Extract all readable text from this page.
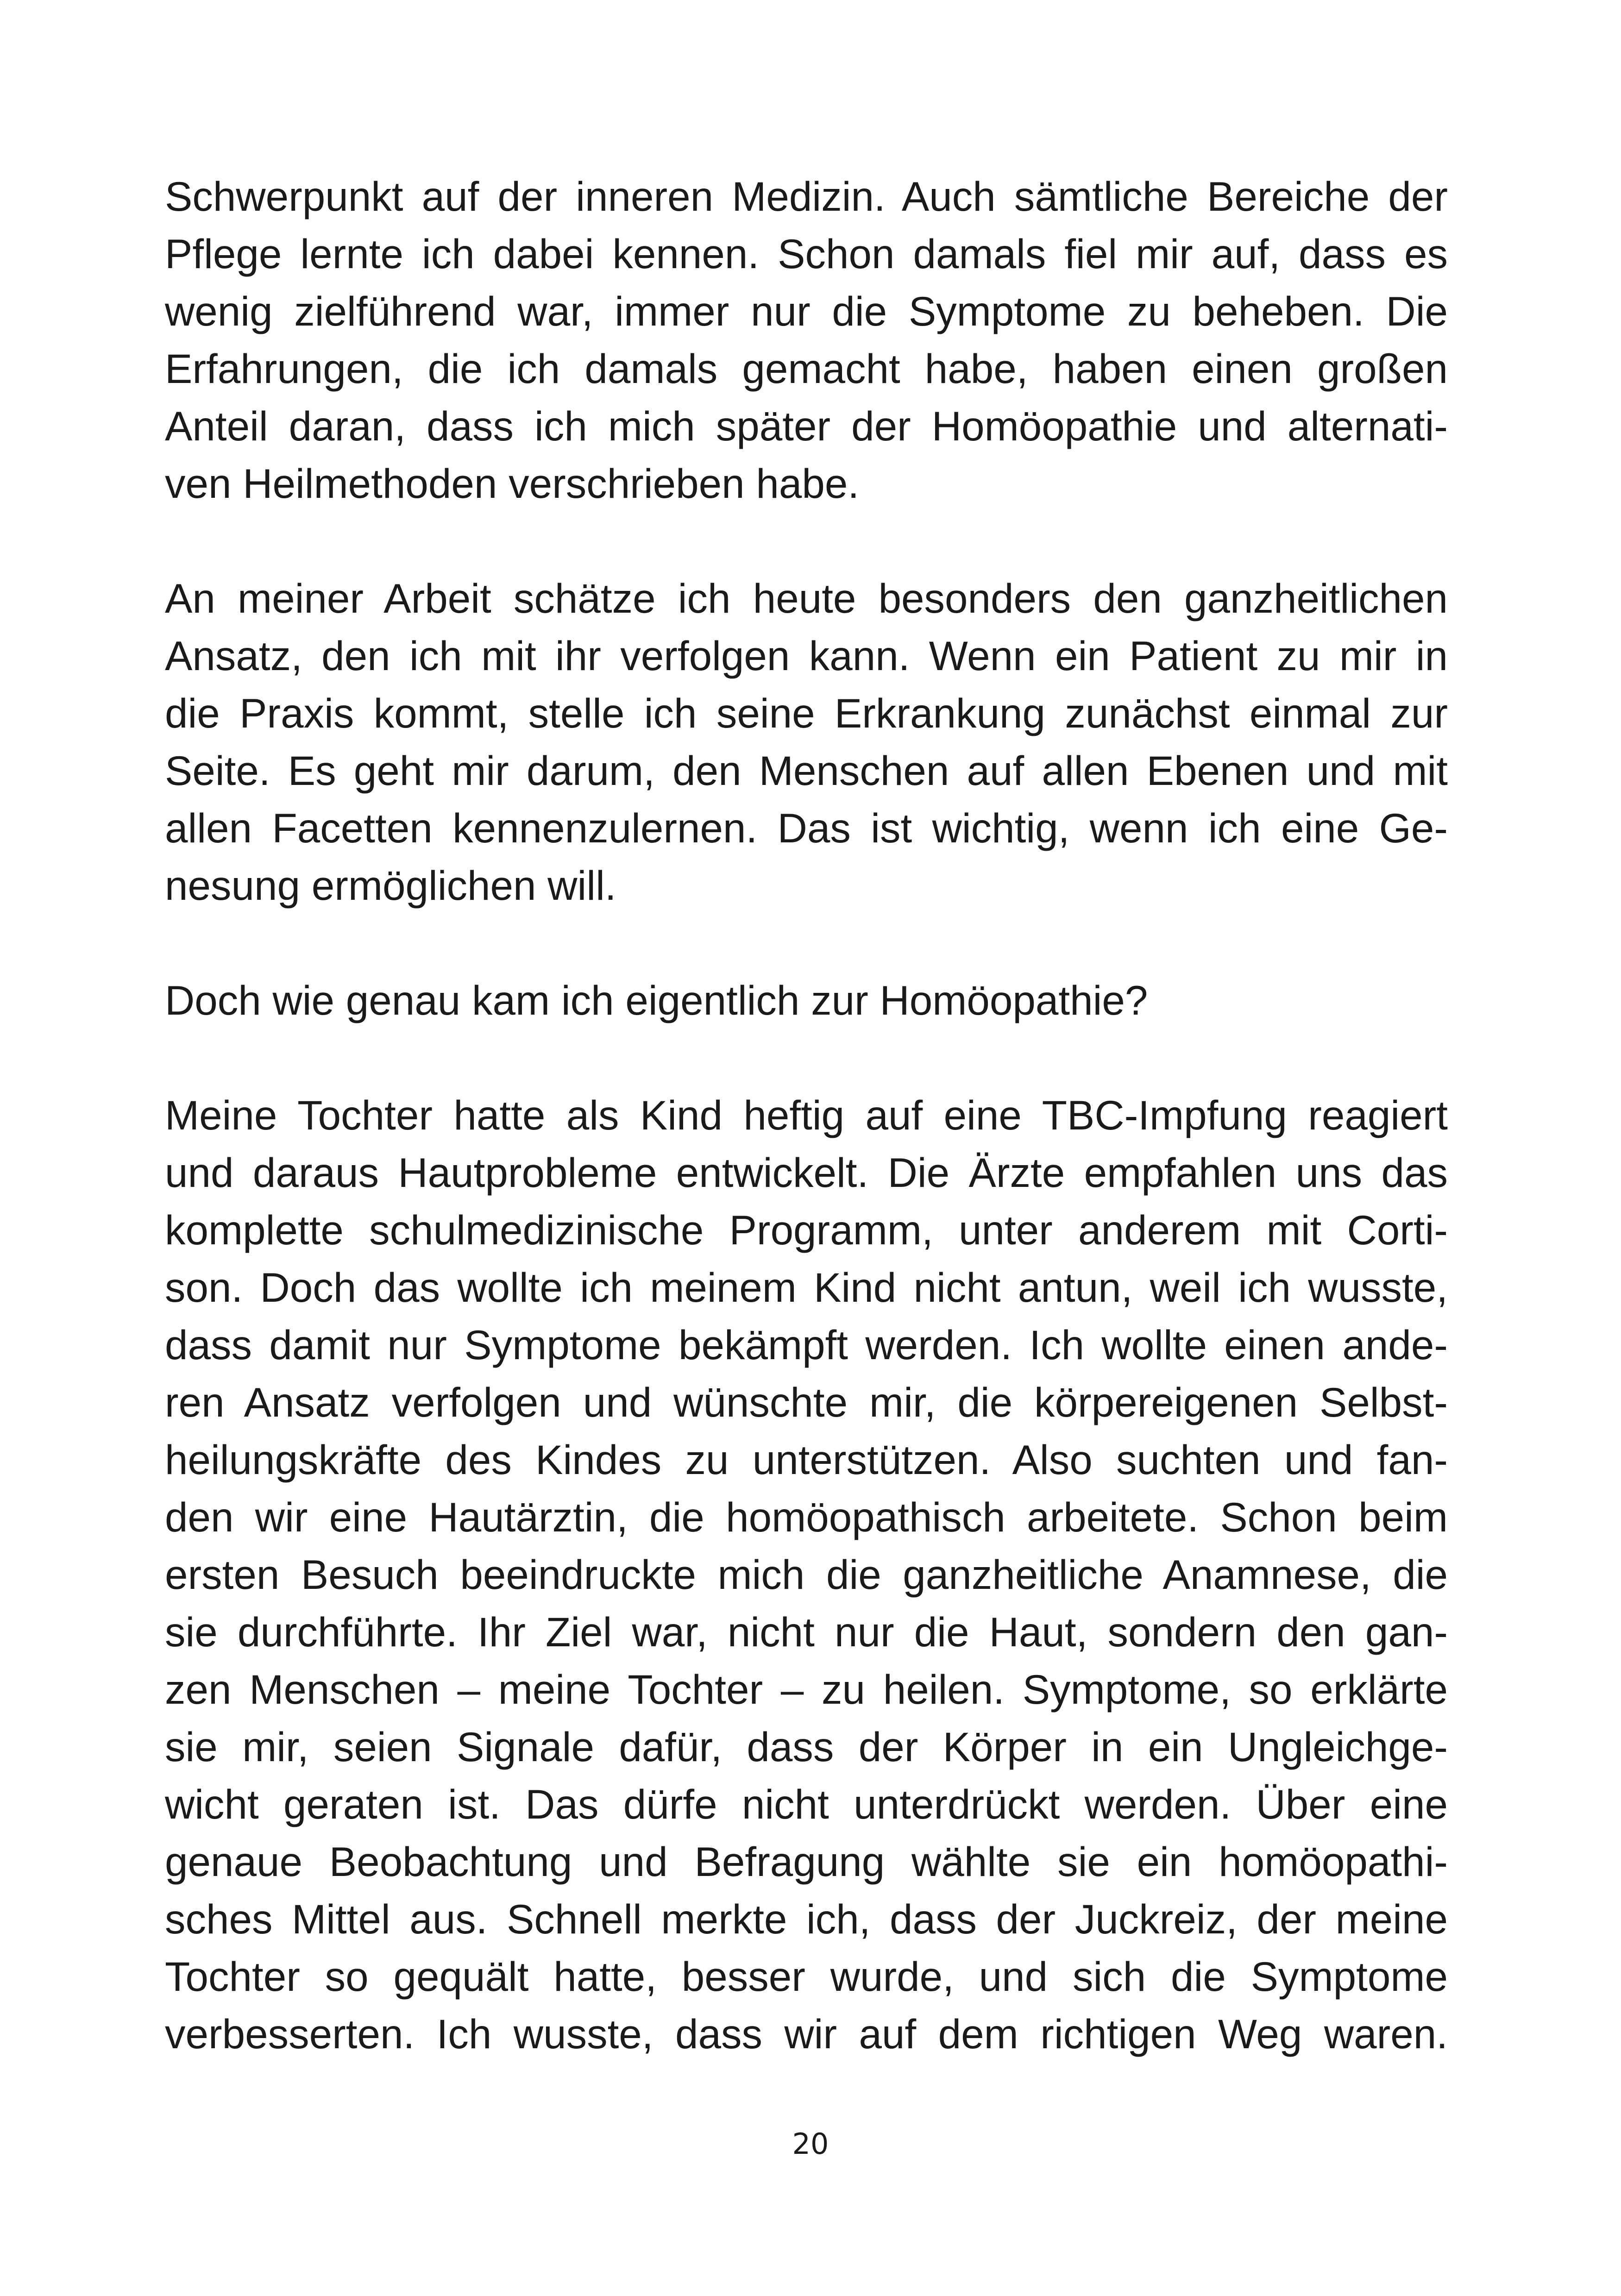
Schwerpunkt auf der inneren Medizin. Auch sämtliche Bereiche der
Pflege lernte ich dabei kennen. Schon damals fiel mir auf, dass es
wenig zielführend war, immer nur die Symptome zu beheben. Die
Erfahrungen, die ich damals gemacht habe, haben einen großen
Anteil daran, dass ich mich später der Homöopathie und alternati-
ven Heilmethoden verschrieben habe.

An meiner Arbeit schätze ich heute besonders den ganzheitlichen
Ansatz, den ich mit ihr verfolgen kann. Wenn ein Patient zu mir in
die Praxis kommt, stelle ich seine Erkrankung zunächst einmal zur
Seite. Es geht mir darum, den Menschen auf allen Ebenen und mit
allen Facetten kennenzulernen. Das ist wichtig, wenn ich eine Ge-
nesung ermöglichen will.

Doch wie genau kam ich eigentlich zur Homöopathie?

Meine Tochter hatte als Kind heftig auf eine TBC-Impfung reagiert
und daraus Hautprobleme entwickelt. Die Ärzte empfahlen uns das
komplette schulmedizinische Programm, unter anderem mit Corti-
son. Doch das wollte ich meinem Kind nicht antun, weil ich wusste,
dass damit nur Symptome bekämpft werden. Ich wollte einen ande-
ren Ansatz verfolgen und wünschte mir, die körpereigenen Selbst-
heilungskräfte des Kindes zu unterstützen. Also suchten und fan-
den wir eine Hautärztin, die homöopathisch arbeitete. Schon beim
ersten Besuch beeindruckte mich die ganzheitliche Anamnese, die
sie durchführte. Ihr Ziel war, nicht nur die Haut, sondern den gan-
zen Menschen – meine Tochter – zu heilen. Symptome, so erklärte
sie mir, seien Signale dafür, dass der Körper in ein Ungleichge-
wicht geraten ist. Das dürfe nicht unterdrückt werden. Über eine
genaue Beobachtung und Befragung wählte sie ein homöopathi-
sches Mittel aus. Schnell merkte ich, dass der Juckreiz, der meine
Tochter so gequält hatte, besser wurde, und sich die Symptome
verbesserten. Ich wusste, dass wir auf dem richtigen Weg waren.

20
